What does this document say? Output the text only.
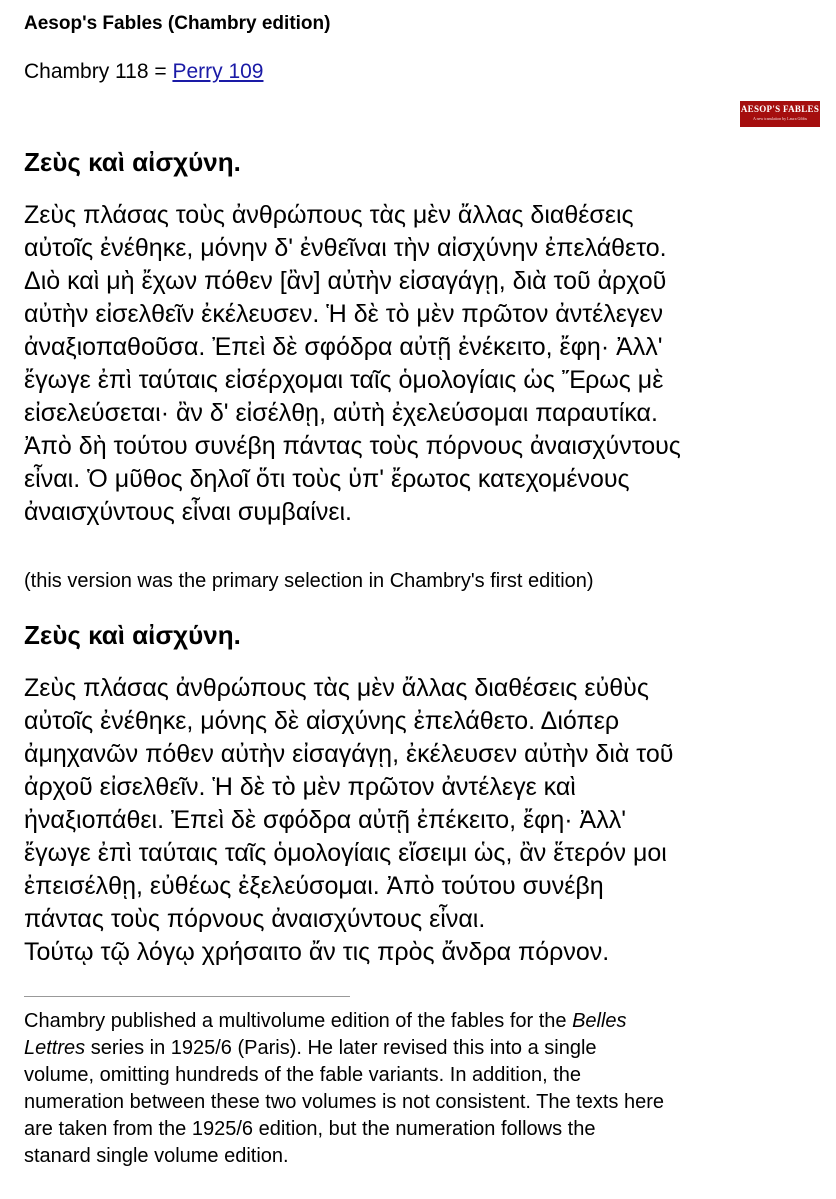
Aesop's Fables (Chambry edition)
Chambry 118 = Perry 109
AESOP'S FABLES
A new translation by Laura Gibbs
Ζεὺς καὶ αἰσχύνη.
Ζεὺς πλάσας τοὺς ἀνθρώπους τὰς μὲν ἄλλας διαθέσεις
αὐτοῖς ἐνέθηκε, μόνην δ' ἐνθεῖναι τὴν αἰσχύνην ἐπελάθετο.
Διὸ καὶ μὴ ἔχων πόθεν [ἂν] αὐτὴν εἰσαγάγῃ, διὰ τοῦ ἀρχοῦ
αὐτὴν εἰσελθεῖν ἐκέλευσεν. Ἡ δὲ τὸ μὲν πρῶτον ἀντέλεγεν
ἀναξιοπαθοῦσα. Ἐπεὶ δὲ σφόδρα αὐτῇ ἐνέκειτο, ἔφη· Ἀλλ'
ἔγωγε ἐπὶ ταύταις εἰσέρχομαι ταῖς ὁμολογίαις ὡς Ἔρως μὲ
εἰσελεύσεται· ἂν δ' εἰσέλθῃ, αὐτὴ ἐχελεύσομαι παραυτίκα.
Ἀπὸ δὴ τούτου συνέβη πάντας τοὺς πόρνους ἀναισχύντους
εἶναι. Ὁ μῦθος δηλοῖ ὅτι τοὺς ὑπ' ἔρωτος κατεχομένους
ἀναισχύντους εἶναι συμβαίνει.
(this version was the primary selection in Chambry's first edition)
Ζεὺς καὶ αἰσχύνη.
Ζεὺς πλάσας ἀνθρώπους τὰς μὲν ἄλλας διαθέσεις εὐθὺς
αὐτοῖς ἐνέθηκε, μόνης δὲ αἰσχύνης ἐπελάθετο. Διόπερ
ἀμηχανῶν πόθεν αὐτὴν εἰσαγάγῃ, ἐκέλευσεν αὐτὴν διὰ τοῦ
ἀρχοῦ εἰσελθεῖν. Ἡ δὲ τὸ μὲν πρῶτον ἀντέλεγε καὶ
ἠναξιοπάθει. Ἐπεὶ δὲ σφόδρα αὐτῇ ἐπέκειτο, ἔφη· Ἀλλ'
ἔγωγε ἐπὶ ταύταις ταῖς ὁμολογίαις εἴσειμι ὡς, ἂν ἕτερόν μοι
ἐπεισέλθῃ, εὐθέως ἐξελεύσομαι. Ἀπὸ τούτου συνέβη
πάντας τοὺς πόρνους ἀναισχύντους εἶναι.
Τούτῳ τῷ λόγῳ χρήσαιτο ἄν τις πρὸς ἄνδρα πόρνον.
Chambry published a multivolume edition of the fables for the Belles
Lettres series in 1925/6 (Paris). He later revised this into a single
volume, omitting hundreds of the fable variants. In addition, the
numeration between these two volumes is not consistent. The texts here
are taken from the 1925/6 edition, but the numeration follows the
stanard single volume edition.
